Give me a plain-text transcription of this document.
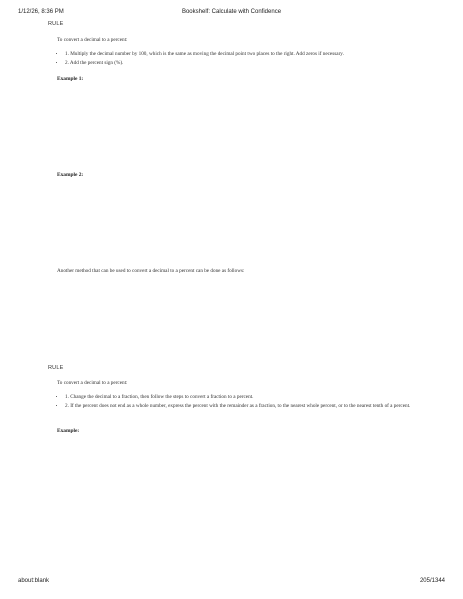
1/12/26, 8:36 PM	Bookshelf: Calculate with Confidence
RULE
To convert a decimal to a percent:
• 1. Multiply the decimal number by 100, which is the same as moving the decimal point two places to the right. Add zeros if necessary.
• 2. Add the percent sign (%).
Example 1:
Example 2:
Another method that can be used to convert a decimal to a percent can be done as follows:
RULE
To convert a decimal to a percent:
• 1. Change the decimal to a fraction, then follow the steps to convert a fraction to a percent.
• 2. If the percent does not end as a whole number, express the percent with the remainder as a fraction, to the nearest whole percent, or to the nearest tenth of a percent.
Example:
about:blank	205/1344
